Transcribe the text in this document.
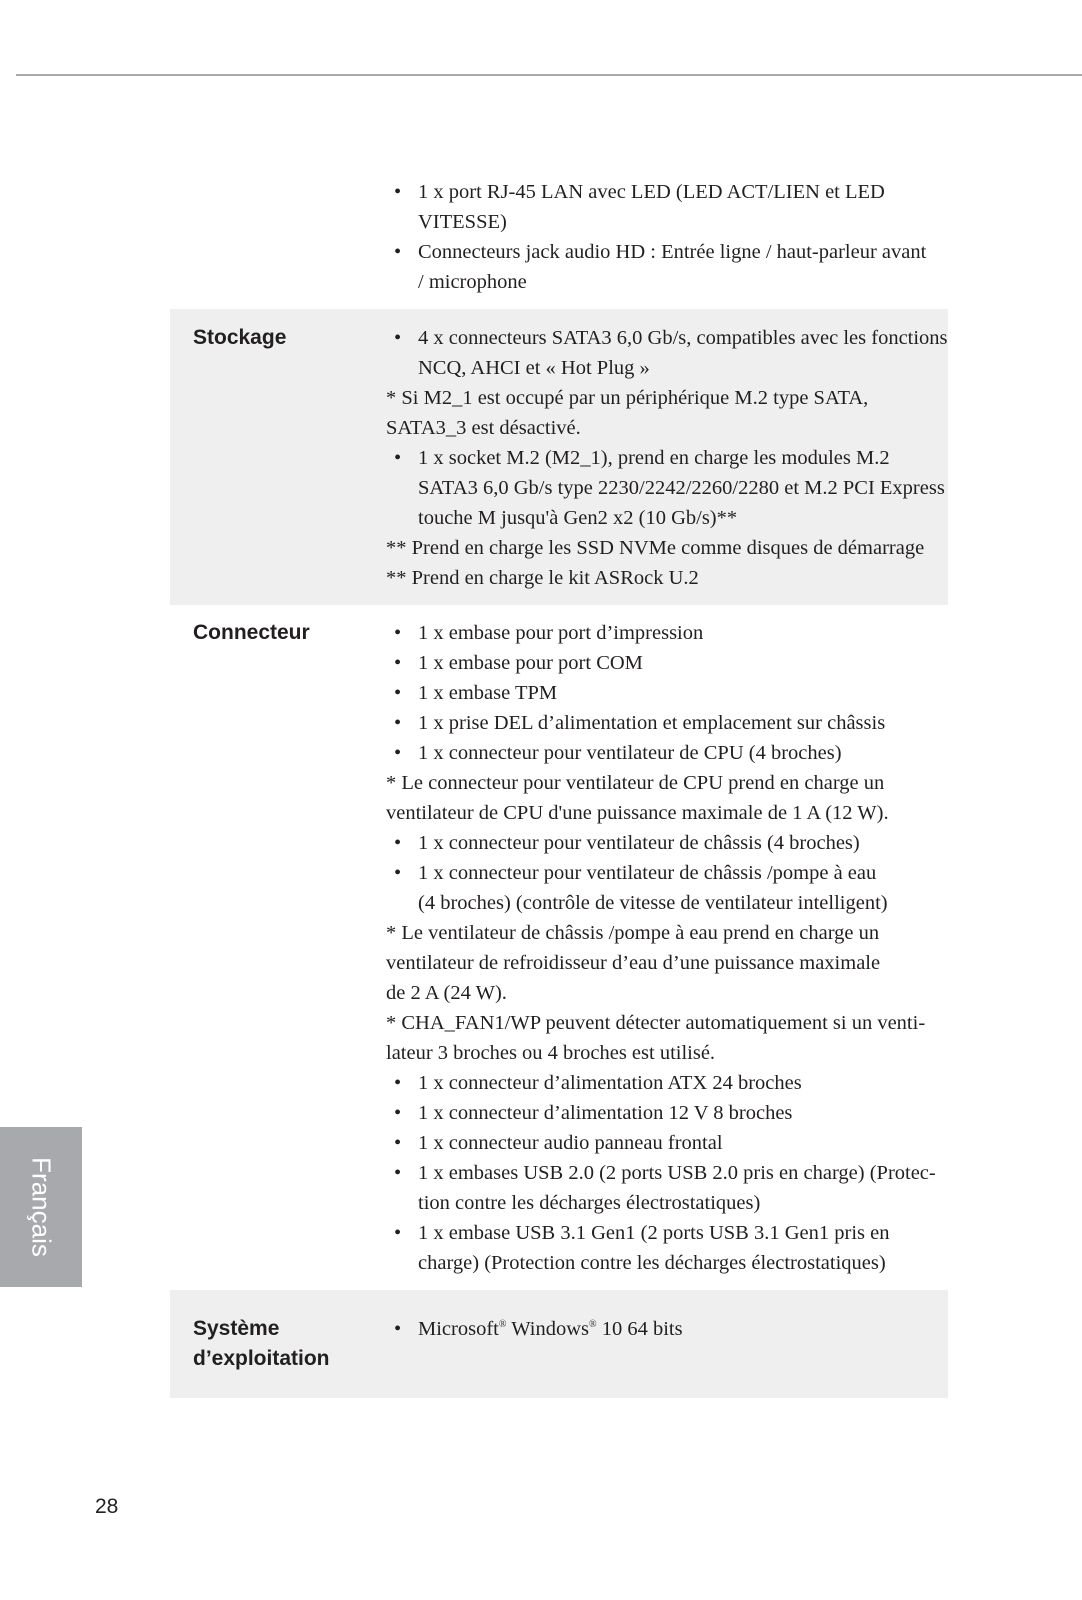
• 1 x port RJ-45 LAN avec LED (LED ACT/LIEN et LED
VITESSE)
• Connecteurs jack audio HD : Entrée ligne / haut-parleur avant
/ microphone
Stockage	• 4 x connecteurs SATA3 6,0 Gb/s, compatibles avec les fonctions
NCQ, AHCI et « Hot Plug »
* Si M2_1 est occupé par un périphérique M.2 type SATA,
SATA3_3 est désactivé.
• 1 x socket M.2 (M2_1), prend en charge les modules M.2
SATA3 6,0 Gb/s type 2230/2242/2260/2280 et M.2 PCI Express
touche M jusqu'à Gen2 x2 (10 Gb/s)**
** Prend en charge les SSD NVMe comme disques de démarrage
** Prend en charge le kit ASRock U.2
Connecteur	• 1 x embase pour port d’impression
• 1 x embase pour port COM
• 1 x embase TPM
• 1 x prise DEL d’alimentation et emplacement sur châssis
• 1 x connecteur pour ventilateur de CPU (4 broches)
* Le connecteur pour ventilateur de CPU prend en charge un
ventilateur de CPU d'une puissance maximale de 1 A (12 W).
• 1 x connecteur pour ventilateur de châssis (4 broches)
• 1 x connecteur pour ventilateur de châssis /pompe à eau
(4 broches) (contrôle de vitesse de ventilateur intelligent)
* Le ventilateur de châssis /pompe à eau prend en charge un
ventilateur de refroidisseur d’eau d’une puissance maximale
de 2 A (24 W).
* CHA_FAN1/WP peuvent détecter automatiquement si un venti-
lateur 3 broches ou 4 broches est utilisé.
• 1 x connecteur d’alimentation ATX 24 broches
• 1 x connecteur d’alimentation 12 V 8 broches
• 1 x connecteur audio panneau frontal
• 1 x embases USB 2.0 (2 ports USB 2.0 pris en charge) (Protec-
tion contre les décharges électrostatiques)
• 1 x embase USB 3.1 Gen1 (2 ports USB 3.1 Gen1 pris en
charge) (Protection contre les décharges électrostatiques)
Système
d’exploitation
• Microsoft® Windows® 10 64 bits
Français
28
